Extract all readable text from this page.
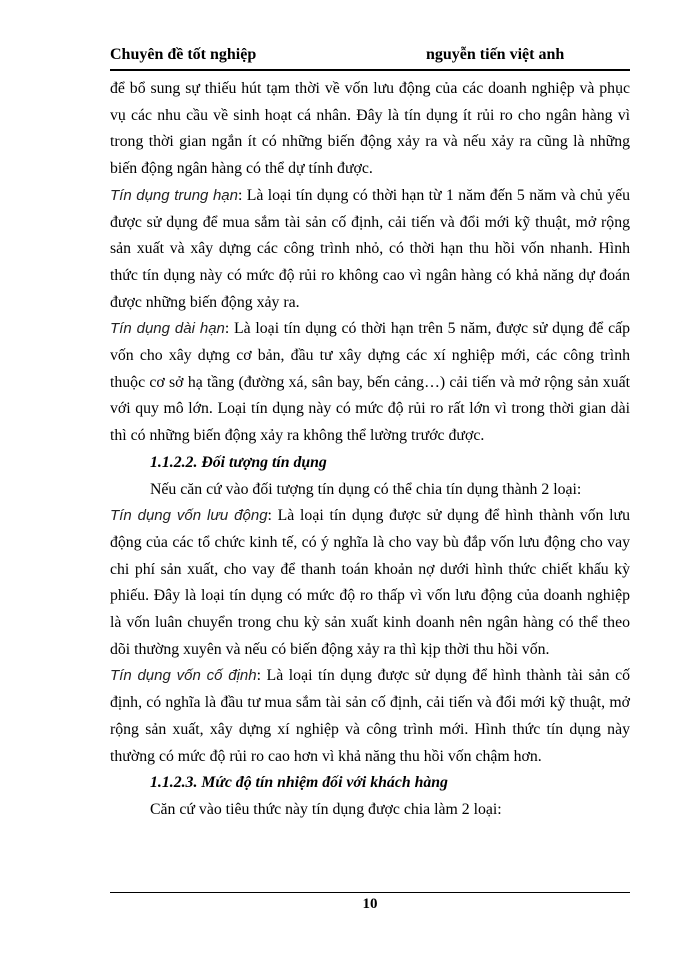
Chuyên đề tốt nghiệp	nguyễn tiến việt anh

để bổ sung sự thiếu hút tạm thời về vốn lưu động của các doanh nghiệp và phục vụ các nhu cầu về sinh hoạt cá nhân. Đây là tín dụng ít rủi ro cho ngân hàng vì trong thời gian ngắn ít có những biến động xảy ra và nếu xảy ra cũng là những biến động ngân hàng có thể dự tính được.

Tín dụng trung hạn: Là loại tín dụng có thời hạn từ 1 năm đến 5 năm và chủ yếu được sử dụng để mua sắm tài sản cố định, cải tiến và đổi mới kỹ thuật, mở rộng sản xuất và xây dựng các công trình nhỏ, có thời hạn thu hồi vốn nhanh. Hình thức tín dụng này có mức độ rủi ro không cao vì ngân hàng có khả năng dự đoán được những biến động xảy ra.

Tín dụng dài hạn: Là loại tín dụng có thời hạn trên 5 năm, được sử dụng để cấp vốn cho xây dựng cơ bản, đầu tư xây dựng các xí nghiệp mới, các công trình thuộc cơ sở hạ tầng (đường xá, sân bay, bến cảng…) cải tiến và mở rộng sản xuất với quy mô lớn. Loại tín dụng này có mức độ rủi ro rất lớn vì trong thời gian dài thì có những biến động xảy ra không thể lường trước được.

1.1.2.2. Đối tượng tín dụng

Nếu căn cứ vào đối tượng tín dụng có thể chia tín dụng thành 2 loại:

Tín dụng vốn lưu động: Là loại tín dụng được sử dụng để hình thành vốn lưu động của các tổ chức kinh tế, có ý nghĩa là cho vay bù đắp vốn lưu động cho vay chi phí sản xuất, cho vay để thanh toán khoản nợ dưới hình thức chiết khấu kỳ phiếu. Đây là loại tín dụng có mức độ ro thấp vì vốn lưu động của doanh nghiệp là vốn luân chuyển trong chu kỳ sản xuất kinh doanh nên ngân hàng có thể theo dõi thường xuyên và nếu có biến động xảy ra thì kịp thời thu hồi vốn.

Tín dụng vốn cố định: Là loại tín dụng được sử dụng để hình thành tài sản cố định, có nghĩa là đầu tư mua sắm tài sản cố định, cải tiến và đổi mới kỹ thuật, mở rộng sản xuất, xây dựng xí nghiệp và công trình mới. Hình thức tín dụng này thường có mức độ rủi ro cao hơn vì khả năng thu hồi vốn chậm hơn.

1.1.2.3. Mức độ tín nhiệm đối với khách hàng

Căn cứ vào tiêu thức này tín dụng được chia làm 2 loại:

10
